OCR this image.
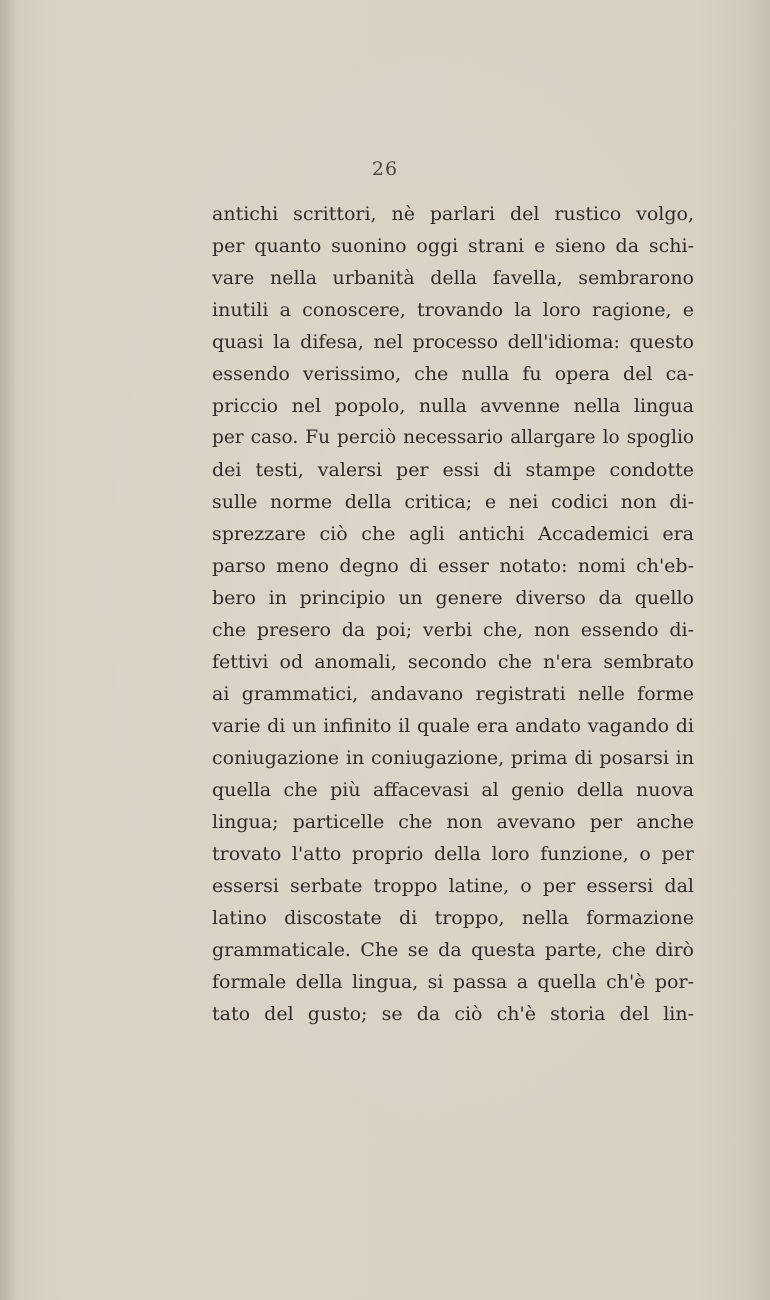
26
antichi scrittori, nè parlari del rustico volgo,
per quanto suonino oggi strani e sieno da schi-
vare nella urbanità della favella, sembrarono
inutili a conoscere, trovando la loro ragione, e
quasi la difesa, nel processo dell'idioma: questo
essendo verissimo, che nulla fu opera del ca-
priccio nel popolo, nulla avvenne nella lingua
per caso. Fu perciò necessario allargare lo spoglio
dei testi, valersi per essi di stampe condotte
sulle norme della critica; e nei codici non di-
sprezzare ciò che agli antichi Accademici era
parso meno degno di esser notato: nomi ch'eb-
bero in principio un genere diverso da quello
che presero da poi; verbi che, non essendo di-
fettivi od anomali, secondo che n'era sembrato
ai grammatici, andavano registrati nelle forme
varie di un infinito il quale era andato vagando di
coniugazione in coniugazione, prima di posarsi in
quella che più affacevasi al genio della nuova
lingua; particelle che non avevano per anche
trovato l'atto proprio della loro funzione, o per
essersi serbate troppo latine, o per essersi dal
latino discostate di troppo, nella formazione
grammaticale. Che se da questa parte, che dirò
formale della lingua, si passa a quella ch'è por-
tato del gusto; se da ciò ch'è storia del lin-
